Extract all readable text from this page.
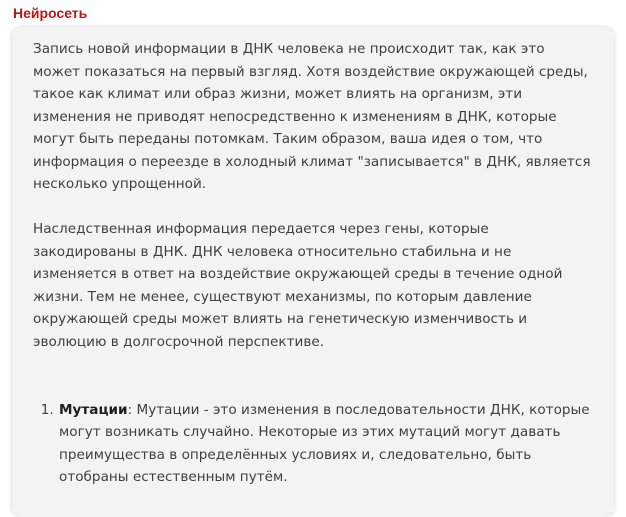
Нейросеть

Запись новой информации в ДНК человека не происходит так, как это может показаться на первый взгляд. Хотя воздействие окружающей среды, такое как климат или образ жизни, может влиять на организм, эти изменения не приводят непосредственно к изменениям в ДНК, которые могут быть переданы потомкам. Таким образом, ваша идея о том, что информация о переезде в холодный климат "записывается" в ДНК, является несколько упрощенной.

Наследственная информация передается через гены, которые закодированы в ДНК. ДНК человека относительно стабильна и не изменяется в ответ на воздействие окружающей среды в течение одной жизни. Тем не менее, существуют механизмы, по которым давление окружающей среды может влиять на генетическую изменчивость и эволюцию в долгосрочной перспективе.

1. Мутации: Мутации - это изменения в последовательности ДНК, которые могут возникать случайно. Некоторые из этих мутаций могут давать преимущества в определённых условиях и, следовательно, быть отобраны естественным путём.
